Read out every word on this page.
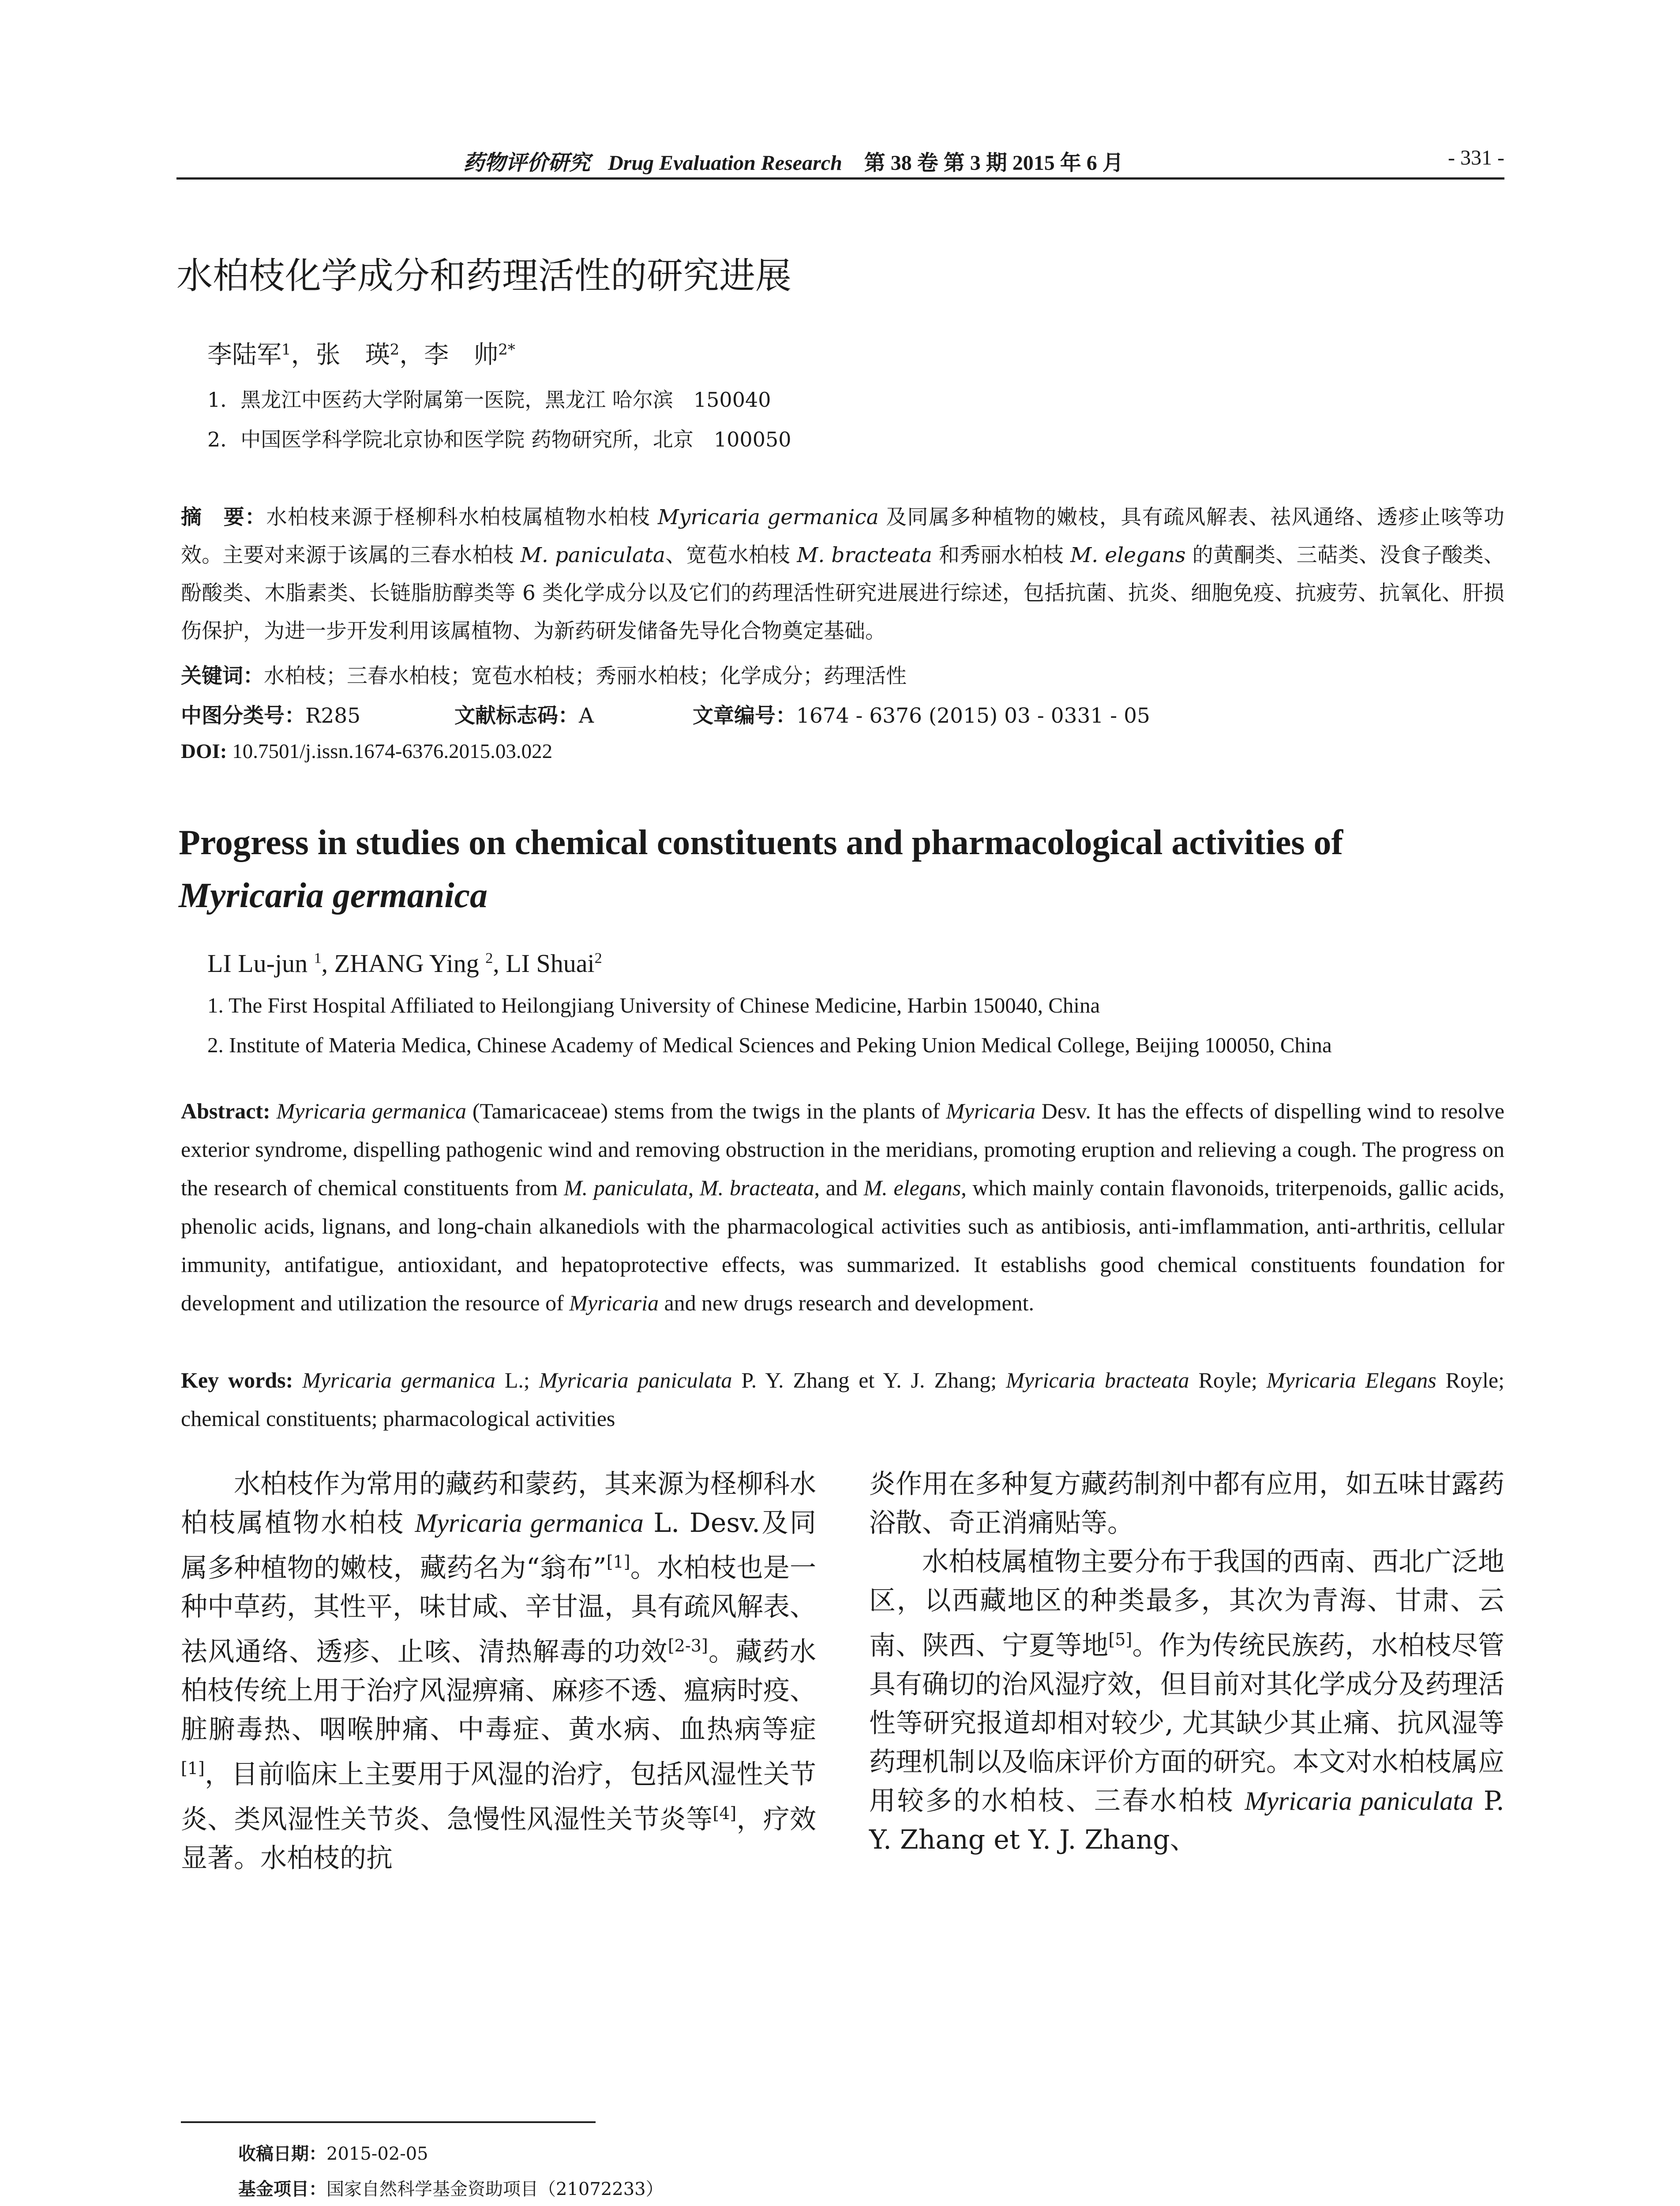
药物评价研究 Drug Evaluation Research 第 38 卷 第 3 期 2015 年 6 月	- 331 -
水柏枝化学成分和药理活性的研究进展
李陆军$^1$，张　瑛$^2$，李　帅$^{2*}$
1．黑龙江中医药大学附属第一医院，黑龙江 哈尔滨　150040
2．中国医学科学院北京协和医学院 药物研究所，北京　100050
摘　要：水柏枝来源于柽柳科水柏枝属植物水柏枝 Myricaria germanica 及同属多种植物的嫩枝，具有疏风解表、祛风通络、透疹止咳等功效。主要对来源于该属的三春水柏枝 M. paniculata、宽苞水柏枝 M. bracteata 和秀丽水柏枝 M. elegans 的黄酮类、三萜类、没食子酸类、酚酸类、木脂素类、长链脂肪醇类等 6 类化学成分以及它们的药理活性研究进展进行综述，包括抗菌、抗炎、细胞免疫、抗疲劳、抗氧化、肝损伤保护，为进一步开发利用该属植物、为新药研发储备先导化合物奠定基础。
关键词：水柏枝；三春水柏枝；宽苞水柏枝；秀丽水柏枝；化学成分；药理活性
中图分类号：R285	文献标志码：A	文章编号：1674 - 6376 (2015) 03 - 0331 - 05
DOI: 10.7501/j.issn.1674-6376.2015.03.022
Progress in studies on chemical constituents and pharmacological activities of
Myricaria germanica
LI Lu-jun $^1$, ZHANG Ying $^2$, LI Shuai$^2$
1. The First Hospital Affiliated to Heilongjiang University of Chinese Medicine, Harbin 150040, China
2. Institute of Materia Medica, Chinese Academy of Medical Sciences and Peking Union Medical College, Beijing 100050, China
Abstract: Myricaria germanica (Tamaricaceae) stems from the twigs in the plants of Myricaria Desv. It has the effects of dispelling wind to resolve exterior syndrome, dispelling pathogenic wind and removing obstruction in the meridians, promoting eruption and relieving a cough. The progress on the research of chemical constituents from M. paniculata, M. bracteata, and M. elegans, which mainly contain flavonoids, triterpenoids, gallic acids, phenolic acids, lignans, and long-chain alkanediols with the pharmacological activities such as antibiosis, anti-imflammation, anti-arthritis, cellular immunity, antifatigue, antioxidant, and hepatoprotective effects, was summarized. It establishs good chemical constituents foundation for development and utilization the resource of Myricaria and new drugs research and development.
Key words: Myricaria germanica L.; Myricaria paniculata P. Y. Zhang et Y. J. Zhang; Myricaria bracteata Royle; Myricaria Elegans Royle; chemical constituents; pharmacological activities

水柏枝作为常用的藏药和蒙药，其来源为柽柳科水柏枝属植物水柏枝 Myricaria germanica L. Desv.及同属多种植物的嫩枝，藏药名为“翁布”[1]。水柏枝也是一种中草药，其性平，味甘咸、辛甘温，具有疏风解表、祛风通络、透疹、止咳、清热解毒的功效[2-3]。藏药水柏枝传统上用于治疗风湿痹痛、麻疹不透、瘟病时疫、脏腑毒热、咽喉肿痛、中毒症、黄水病、血热病等症[1]，目前临床上主要用于风湿的治疗，包括风湿性关节炎、类风湿性关节炎、急慢性风湿性关节炎等[4]，疗效显著。水柏枝的抗

炎作用在多种复方藏药制剂中都有应用，如五味甘露药浴散、奇正消痛贴等。

水柏枝属植物主要分布于我国的西南、西北广泛地区，以西藏地区的种类最多，其次为青海、甘肃、云南、陕西、宁夏等地[5]。作为传统民族药，水柏枝尽管具有确切的治风湿疗效，但目前对其化学成分及药理活性等研究报道却相对较少, 尤其缺少其止痛、抗风湿等药理机制以及临床评价方面的研究。本文对水柏枝属应用较多的水柏枝、三春水柏枝 Myricaria paniculata P. Y. Zhang et Y. J. Zhang、

收稿日期：2015-02-05
基金项目：国家自然科学基金资助项目（21072233）
